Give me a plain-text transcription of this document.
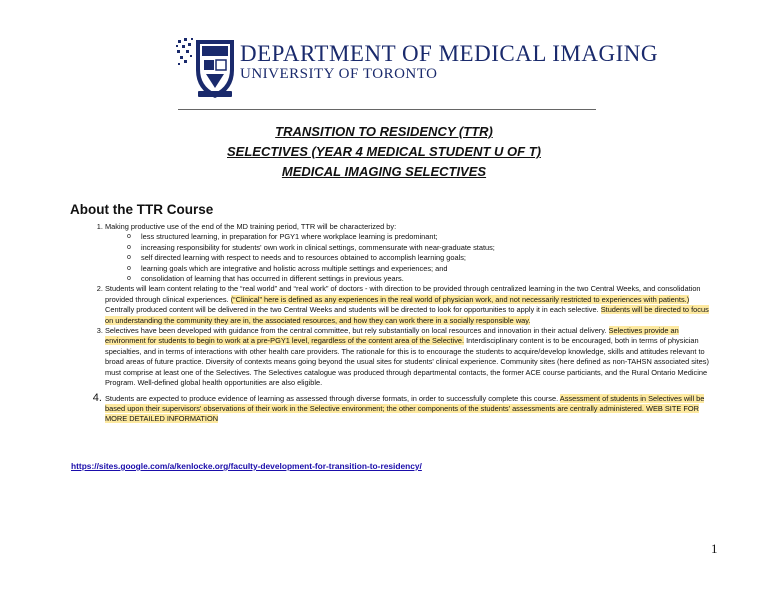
DEPARTMENT OF MEDICAL IMAGING
UNIVERSITY OF TORONTO
TRANSITION TO RESIDENCY (TTR)
SELECTIVES (YEAR 4 MEDICAL STUDENT U OF T)
MEDICAL IMAGING SELECTIVES
About the TTR Course
1. Making productive use of the end of the MD training period, TTR will be characterized by:
o less structured learning, in preparation for PGY1 where workplace learning is predominant;
o increasing responsibility for students' own work in clinical settings, commensurate with near-graduate status;
o self directed learning with respect to needs and to resources obtained to accomplish learning goals;
o learning goals which are integrative and holistic across multiple settings and experiences; and
o consolidation of learning that has occurred in different settings in previous years.
2. Students will learn content relating to the “real world” and “real work” of doctors - with direction to be provided through centralized learning in the two Central Weeks, and consolidation provided through clinical experiences. (“Clinical” here is defined as any experiences in the real world of physician work, and not necessarily restricted to experiences with patients.) Centrally produced content will be delivered in the two Central Weeks and students will be directed to look for opportunities to apply it in each selective. Students will be directed to focus on understanding the community they are in, the associated resources, and how they can work there in a socially responsible way.
3. Selectives have been developed with guidance from the central committee, but rely substantially on local resources and innovation in their actual delivery. Selectives provide an environment for students to begin to work at a pre-PGY1 level, regardless of the content area of the Selective. Interdisciplinary content is to be encouraged, both in terms of physician specialties, and in terms of interactions with other health care providers. The rationale for this is to encourage the students to acquire/develop knowledge, skills and attitudes relevant to broad areas of future practice. Diversity of contexts means going beyond the usual sites for students' clinical experience. Community sites (here defined as non-TAHSN associated sites) must comprise at least one of the Selectives. The Selectives catalogue was produced through departmental contacts, the former ACE course particiants, and the Rural Ontario Medicine Program. Well-defined global health opportunities are also eligible.
4. Students are expected to produce evidence of learning as assessed through diverse formats, in order to successfully complete this course. Assessment of students in Selectives will be based upon their supervisors' observations of their work in the Selective environment; the other components of the students' assessments are centrally administered. WEB SITE FOR MORE DETAILED INFORMATION
https://sites.google.com/a/kenlocke.org/faculty-development-for-transition-to-residency/
1
